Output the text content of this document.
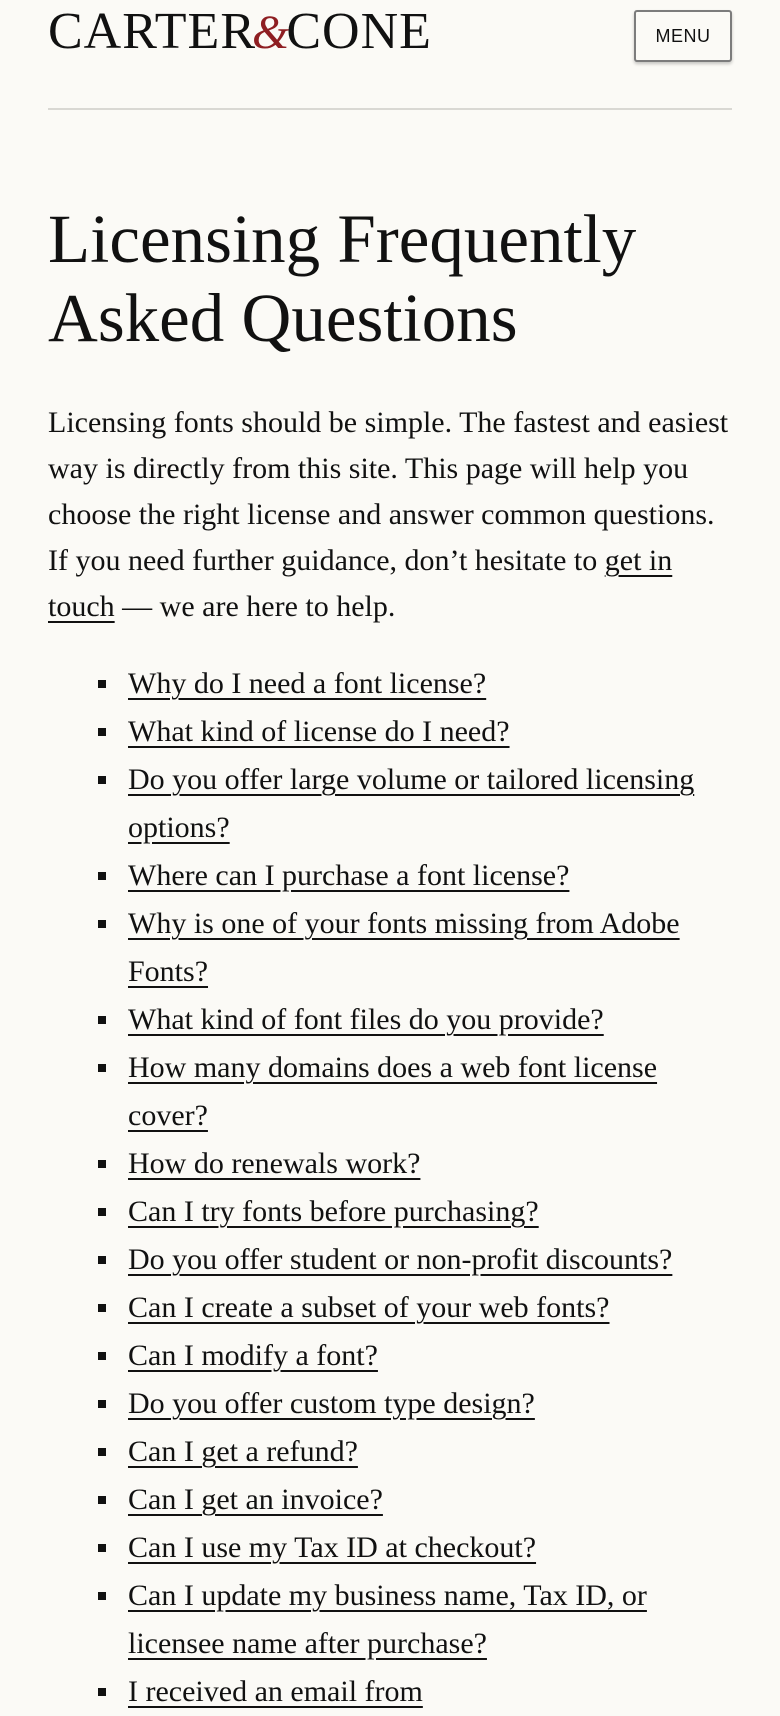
CARTER&CONE	MENU
Licensing Frequently Asked Questions

Licensing fonts should be simple. The fastest and easiest way is directly from this site. This page will help you choose the right license and answer common questions. If you need further guidance, don’t hesitate to get in touch — we are here to help.

Why do I need a font license?
What kind of license do I need?
Do you offer large volume or tailored licensing options?
Where can I purchase a font license?
Why is one of your fonts missing from Adobe Fonts?
What kind of font files do you provide?
How many domains does a web font license cover?
How do renewals work?
Can I try fonts before purchasing?
Do you offer student or non-profit discounts?
Can I create a subset of your web fonts?
Can I modify a font?
Do you offer custom type design?
Can I get a refund?
Can I get an invoice?
Can I use my Tax ID at checkout?
Can I update my business name, Tax ID, or licensee name after purchase?
I received an email from
